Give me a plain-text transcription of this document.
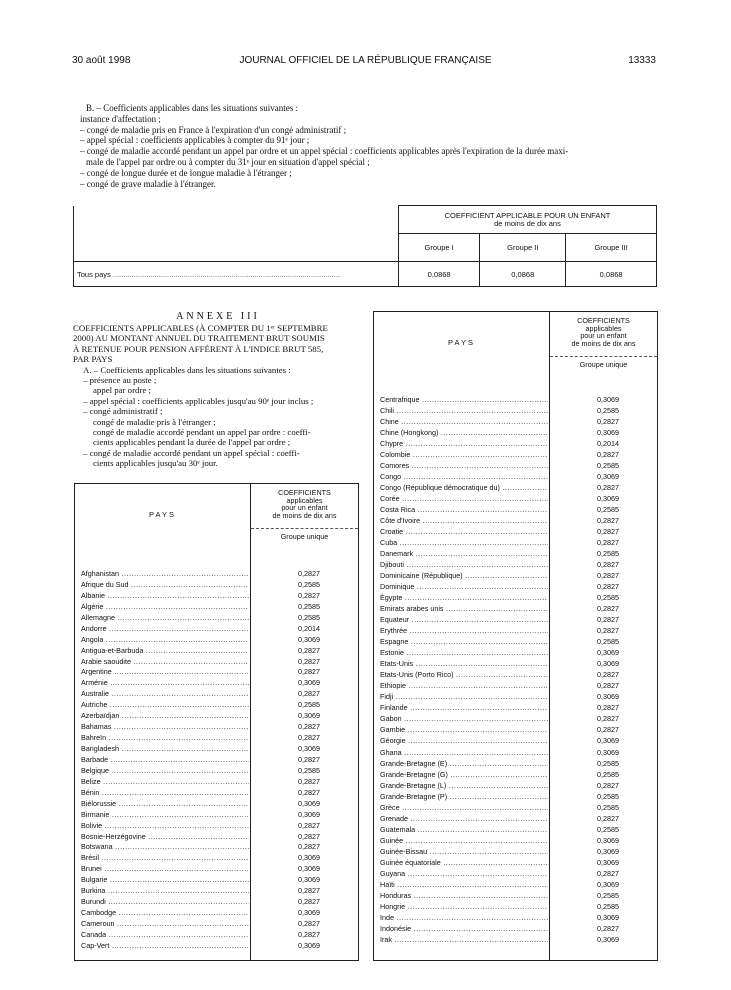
30 août 1998	JOURNAL OFFICIEL DE LA RÉPUBLIQUE FRANÇAISE	13333
B. – Coefficients applicables dans les situations suivantes :
instance d'affectation ;
– congé de maladie pris en France à l'expiration d'un congé administratif ;
– appel spécial : coefficients applicables à compter du 91ᵉ jour ;
– congé de maladie accordé pendant un appel par ordre et un appel spécial : coefficients applicables après l'expiration de la durée maxi-
male de l'appel par ordre ou à compter du 31ᵉ jour en situation d'appel spécial ;
– congé de longue durée et de longue maladie à l'étranger ;
– congé de grave maladie à l'étranger.

	COEFFICIENT APPLICABLE POUR UN ENFANT
de moins de dix ans		

	Groupe I	Groupe II	Groupe III
Tous pays .............................................................................................................	0,0868	0,0868	0,0868
ANNEXE III
COEFFICIENTS APPLICABLES (À COMPTER DU 1ᵉʳ SEPTEMBRE
2000) AU MONTANT ANNUEL DU TRAITEMENT BRUT SOUMIS
À RETENUE POUR PENSION AFFÉRENT À L'INDICE BRUT 585,
PAR PAYS
A. – Coefficients applicables dans les situations suivantes :
– présence au poste ;
appel par ordre ;
– appel spécial : coefficients applicables jusqu'au 90ᵉ jour inclus ;
– congé administratif ;
congé de maladie pris à l'étranger ;
congé de maladie accordé pendant un appel par ordre : coeffi-
cients applicables pendant la durée de l'appel par ordre ;
– congé de maladie accordé pendant un appel spécial : coeffi-
cients applicables jusqu'au 30ᵉ jour.
PAYS
COEFFICIENTS
applicables
pour un enfant
de moins de dix ans
Groupe unique
Afghanistan .....	0,2827
Afrique du Sud .....	0,2585
Albanie .....	0,2827
Algérie .....	0,2585
Allemagne .....	0,2585
Andorre .....	0,2014
Angola .....	0,3069
Antigua-et-Barbuda .....	0,2827
Arabie saoudite .....	0,2827
Argentine .....	0,2827
Arménie .....	0,3069
Australie .....	0,2827
Autriche .....	0,2585
Azerbaïdjan .....	0,3069
Bahamas .....	0,2827
Bahreïn .....	0,2827
Bangladesh .....	0,3069
Barbade .....	0,2827
Belgique .....	0,2585
Belize .....	0,2827
Bénin .....	0,2827
Biélorussie .....	0,3069
Birmanie .....	0,3069
Bolivie .....	0,2827
Bosnie-Herzégovine .....	0,2827
Botswana .....	0,2827
Brésil .....	0,3069
Brunei .....	0,3069
Bulgarie .....	0,3069
Burkina .....	0,2827
Burundi .....	0,2827
Cambodge .....	0,3069
Cameroun .....	0,2827
Canada .....	0,2827
Cap-Vert .....	0,3069
PAYS
COEFFICIENTS
applicables
pour un enfant
de moins de dix ans
Groupe unique
Centrafrique .....	0,3069
Chili .....	0,2585
Chine .....	0,2827
Chine (Hongkong) .....	0,3069
Chypre .....	0,2014
Colombie .....	0,2827
Comores .....	0,2585
Congo .....	0,3069
Congo (République démocratique du) .....	0,2827
Corée .....	0,3069
Costa Rica .....	0,2585
Côte d'Ivoire .....	0,2827
Croatie .....	0,2827
Cuba .....	0,2827
Danemark .....	0,2585
Djibouti .....	0,2827
Dominicaine (République) .....	0,2827
Dominique .....	0,2827
Égypte .....	0,2585
Emirats arabes unis .....	0,2827
Equateur .....	0,2827
Erythrée .....	0,2827
Espagne .....	0,2585
Estonie .....	0,3069
Etats-Unis .....	0,3069
Etats-Unis (Porto Rico) .....	0,2827
Ethiopie .....	0,2827
Fidji .....	0,3069
Finlande .....	0,2827
Gabon .....	0,2827
Gambie .....	0,2827
Géorgie .....	0,3069
Ghana .....	0,3069
Grande-Bretagne (E) .....	0,2585
Grande-Bretagne (G) .....	0,2585
Grande-Bretagne (L) .....	0,2827
Grande-Bretagne (P) .....	0,2585
Grèce .....	0,2585
Grenade .....	0,2827
Guatemala .....	0,2585
Guinée .....	0,3069
Guinée-Bissau .....	0,3069
Guinée équatoriale .....	0,3069
Guyana .....	0,2827
Haïti .....	0,3069
Honduras .....	0,2585
Hongrie .....	0,2585
Inde .....	0,3069
Indonésie .....	0,2827
Irak .....	0,3069
